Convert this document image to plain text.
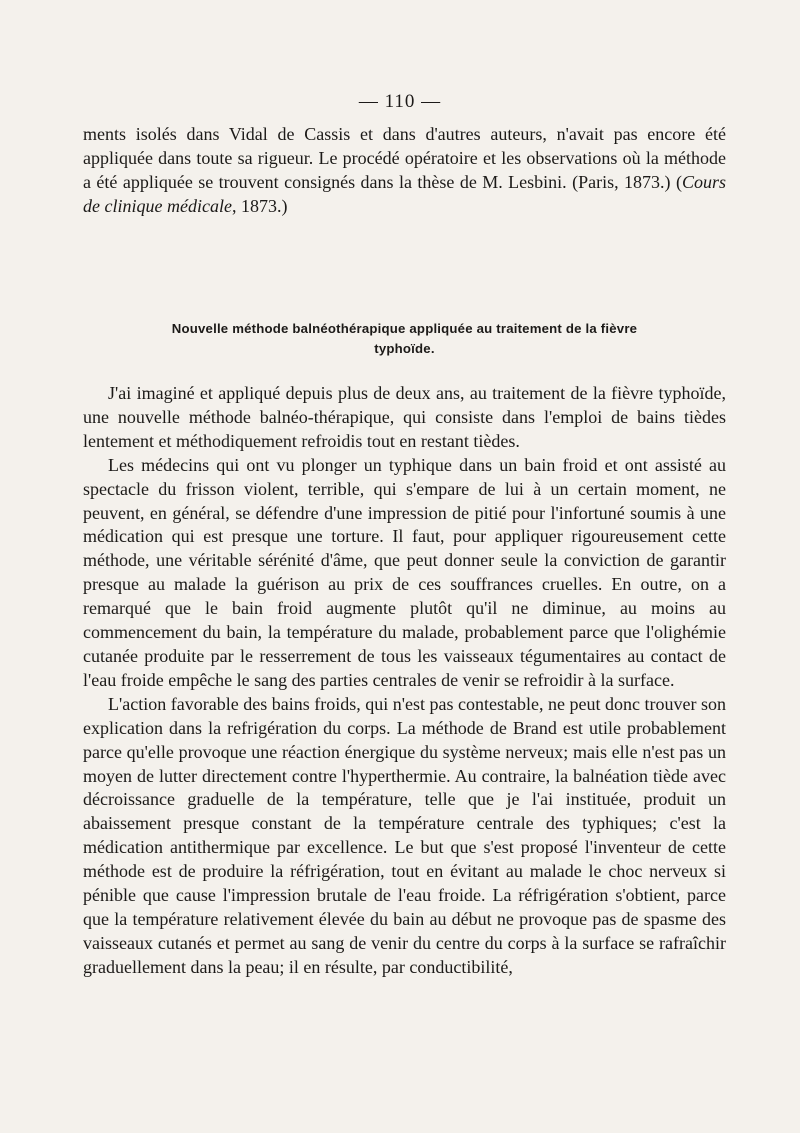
— 110 —

ments isolés dans Vidal de Cassis et dans d'autres auteurs, n'avait pas encore été appliquée dans toute sa rigueur. Le procédé opératoire et les observations où la méthode a été appliquée se trouvent consignés dans la thèse de M. Lesbini. (Paris, 1873.) (Cours de clinique médicale, 1873.)

Nouvelle méthode balnéothérapique appliquée au traitement de la fièvre
typhoïde.

J'ai imaginé et appliqué depuis plus de deux ans, au traitement de la fièvre typhoïde, une nouvelle méthode balnéo-thérapique, qui consiste dans l'emploi de bains tièdes lentement et méthodiquement refroidis tout en restant tièdes.

Les médecins qui ont vu plonger un typhique dans un bain froid et ont assisté au spectacle du frisson violent, terrible, qui s'empare de lui à un certain moment, ne peuvent, en général, se défendre d'une impression de pitié pour l'infortuné soumis à une médication qui est presque une torture. Il faut, pour appliquer rigoureusement cette méthode, une véritable sérénité d'âme, que peut donner seule la conviction de garantir presque au malade la guérison au prix de ces souffrances cruelles. En outre, on a remarqué que le bain froid augmente plutôt qu'il ne diminue, au moins au commencement du bain, la température du malade, probablement parce que l'olighémie cutanée produite par le resserrement de tous les vaisseaux tégumentaires au contact de l'eau froide empêche le sang des parties centrales de venir se refroidir à la surface.

L'action favorable des bains froids, qui n'est pas contestable, ne peut donc trouver son explication dans la refrigération du corps. La méthode de Brand est utile probablement parce qu'elle provoque une réaction énergique du système nerveux; mais elle n'est pas un moyen de lutter directement contre l'hyperthermie. Au contraire, la balnéation tiède avec décroissance graduelle de la température, telle que je l'ai instituée, produit un abaissement presque constant de la température centrale des typhiques; c'est la médication antithermique par excellence. Le but que s'est proposé l'inventeur de cette méthode est de produire la réfrigération, tout en évitant au malade le choc nerveux si pénible que cause l'impression brutale de l'eau froide. La réfrigération s'obtient, parce que la température relativement élevée du bain au début ne provoque pas de spasme des vaisseaux cutanés et permet au sang de venir du centre du corps à la surface se rafraîchir graduellement dans la peau; il en résulte, par conductibilité,
